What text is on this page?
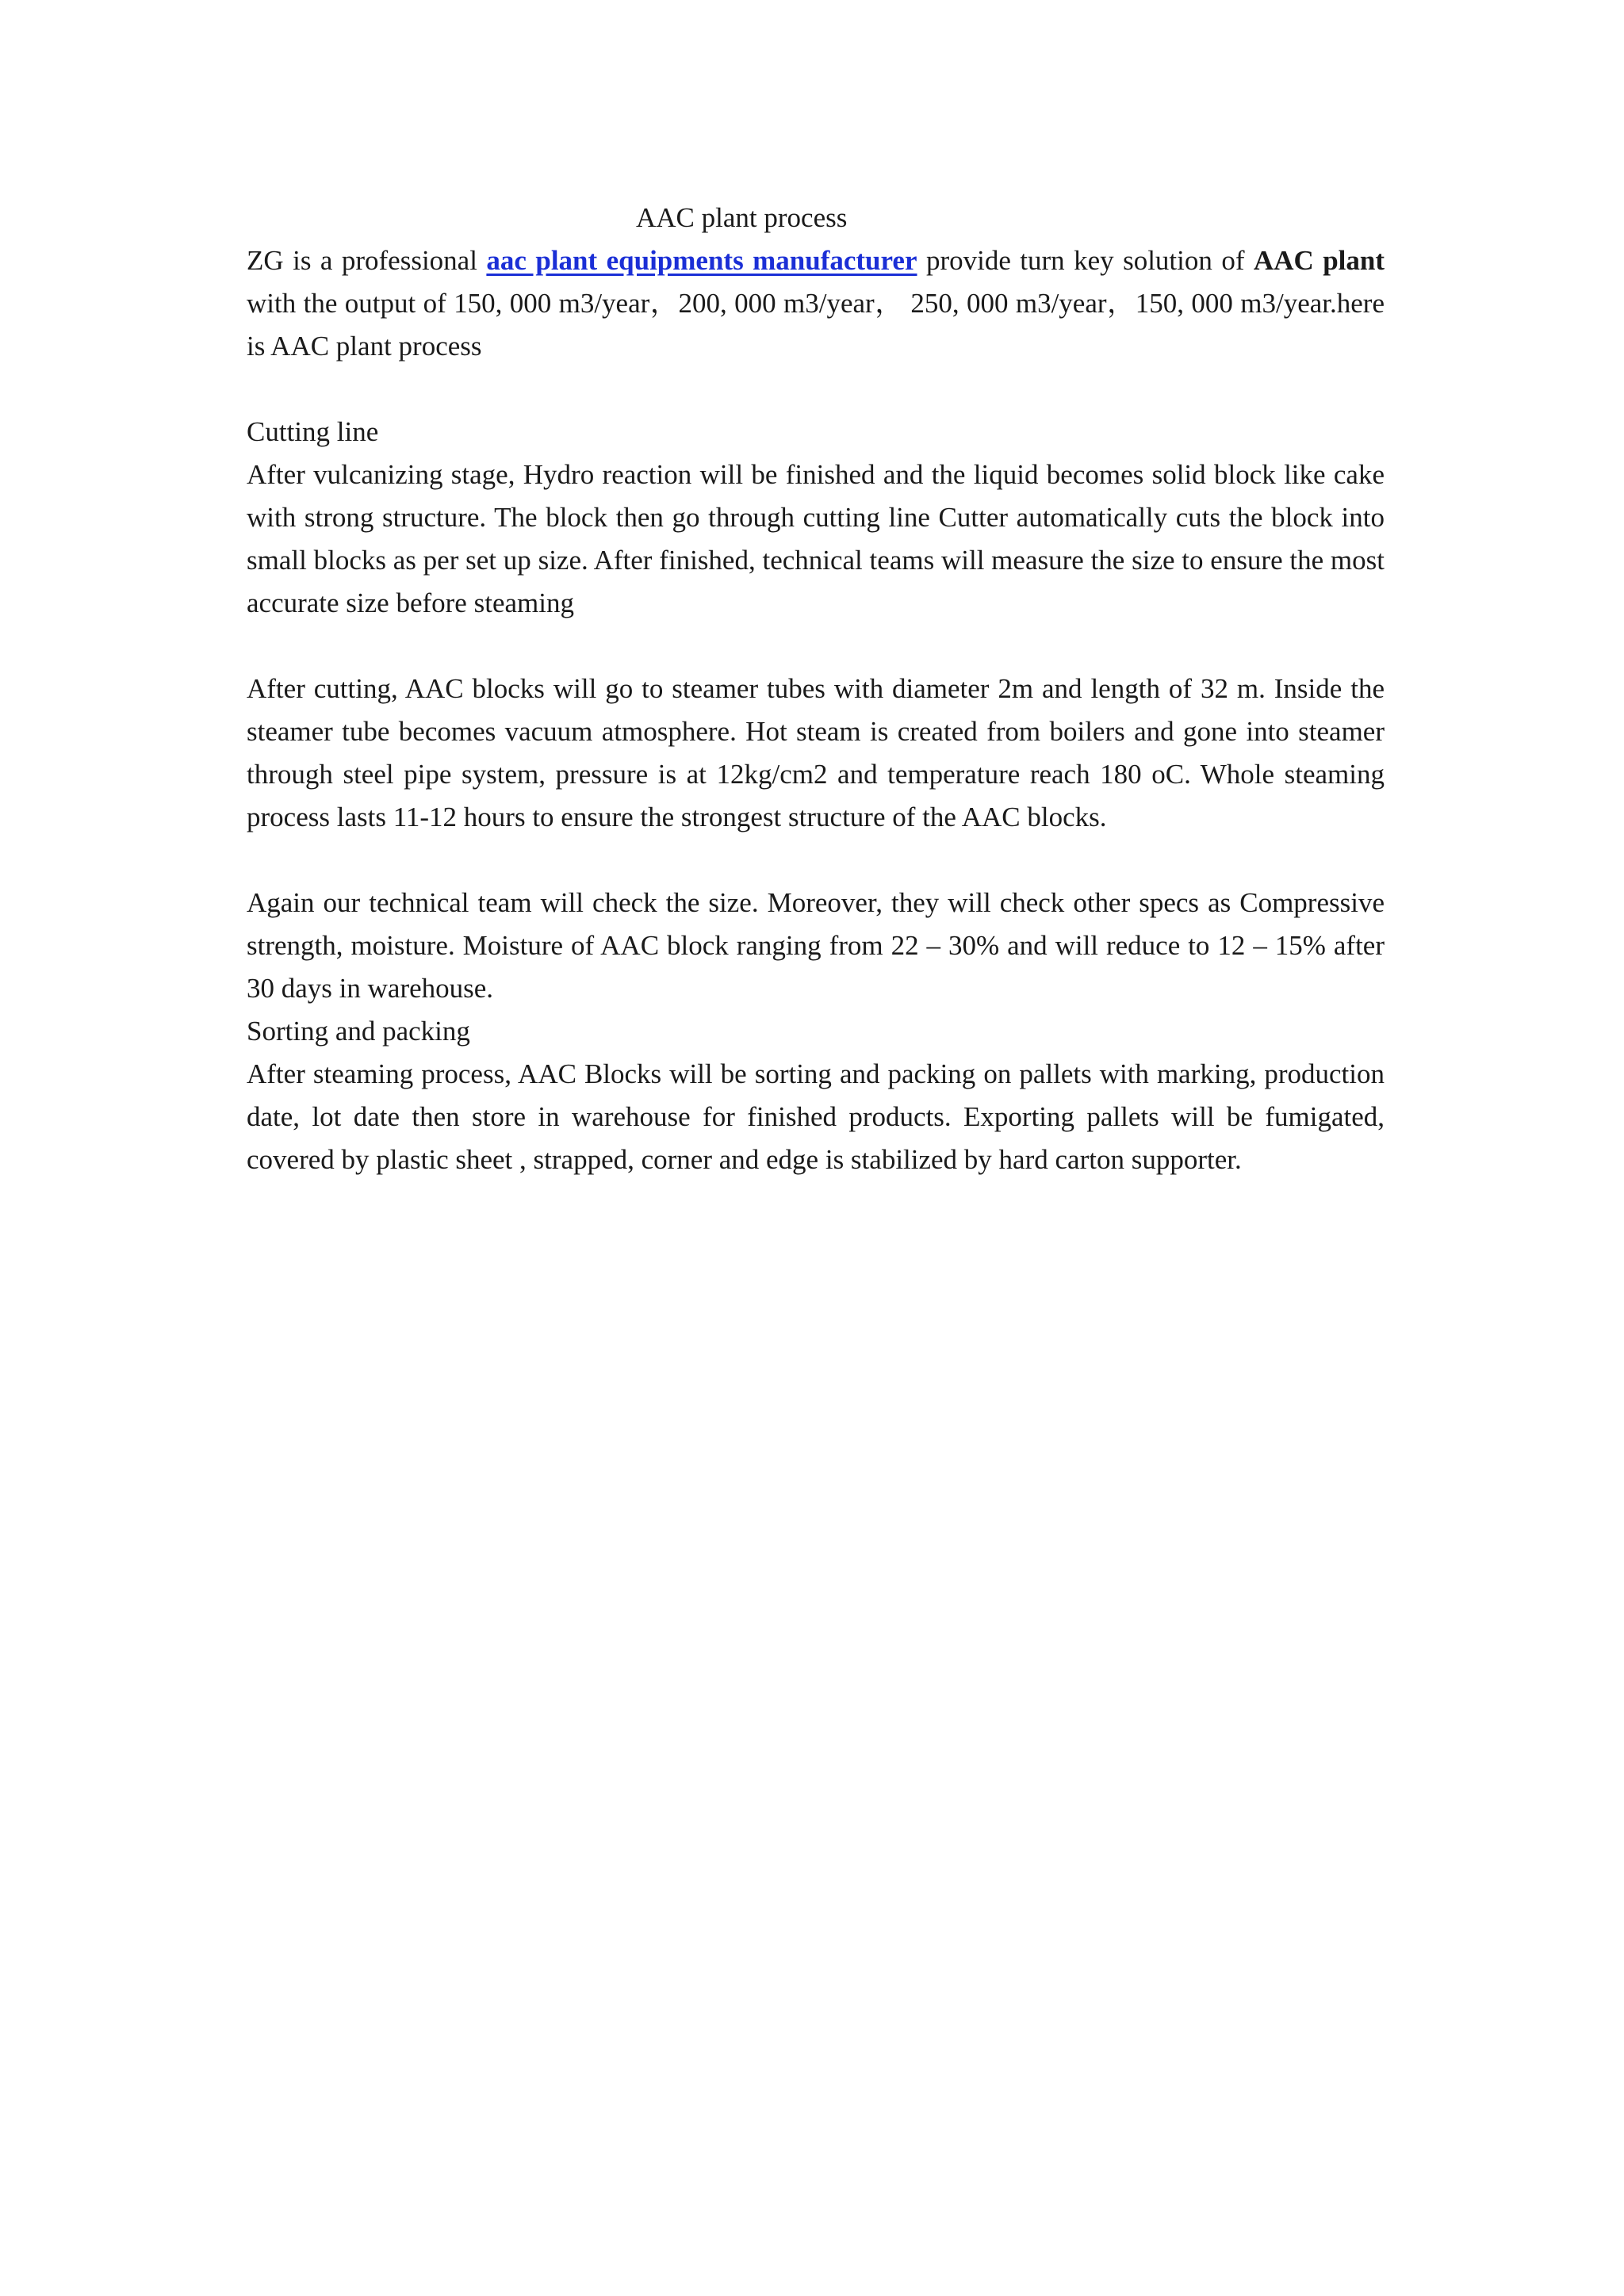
AAC plant process

ZG is a professional aac plant equipments manufacturer provide turn key solution of AAC plant with the output of 150, 000 m3/year，200, 000 m3/year， 250, 000 m3/year，150, 000 m3/year.here is AAC plant process

Cutting line

After vulcanizing stage, Hydro reaction will be finished and the liquid becomes solid block like cake with strong structure. The block then go through cutting line Cutter automatically cuts the block into small blocks as per set up size. After finished, technical teams will measure the size to ensure the most accurate size before steaming

After cutting, AAC blocks will go to steamer tubes with diameter 2m and length of 32 m. Inside the steamer tube becomes vacuum atmosphere. Hot steam is created from boilers and gone into steamer through steel pipe system, pressure is at 12kg/cm2 and temperature reach 180 oC. Whole steaming process lasts 11-12 hours to ensure the strongest structure of the AAC blocks.

Again our technical team will check the size. Moreover, they will check other specs as Compressive strength, moisture. Moisture of AAC block ranging from 22 – 30% and will reduce to 12 – 15% after 30 days in warehouse.

Sorting and packing

After steaming process, AAC Blocks will be sorting and packing on pallets with marking, production date, lot date then store in warehouse for finished products. Exporting pallets will be fumigated, covered by plastic sheet , strapped, corner and edge is stabilized by hard carton supporter.
